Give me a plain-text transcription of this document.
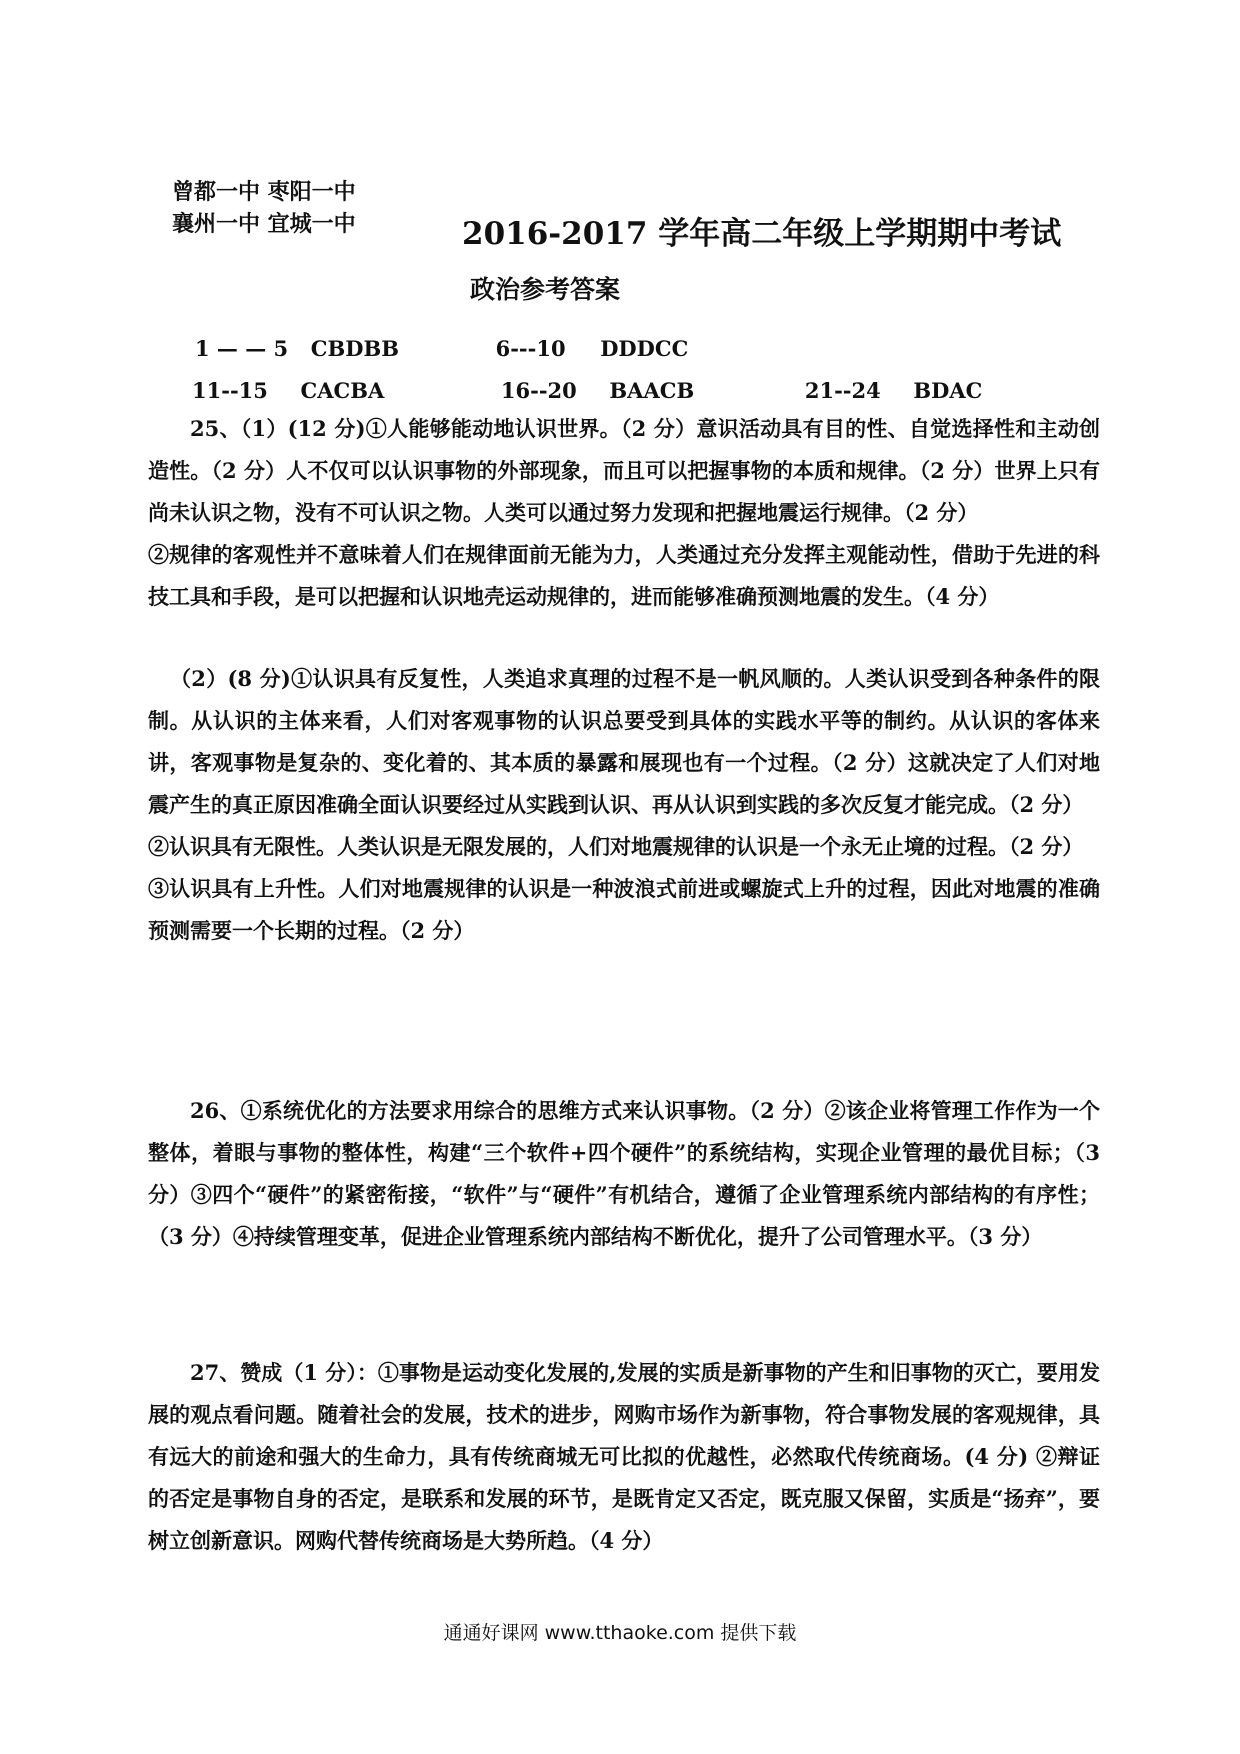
曾都一中 枣阳一中
襄州一中 宜城一中	2016-2017 学年高二年级上学期期中考试
政治参考答案
1 — — 5 CBDBB	6---10 DDDCC
11--15 CACBA	16--20 BAACB	21--24 BDAC

25、（1）(12 分)①人能够能动地认识世界。（2 分）意识活动具有目的性、自觉选择性和主动创造性。（2 分）人不仅可以认识事物的外部现象，而且可以把握事物的本质和规律。（2 分）世界上只有尚未认识之物，没有不可认识之物。人类可以通过努力发现和把握地震运行规律。（2 分）

②规律的客观性并不意味着人们在规律面前无能为力，人类通过充分发挥主观能动性，借助于先进的科技工具和手段，是可以把握和认识地壳运动规律的，进而能够准确预测地震的发生。（4 分）

（2）(8 分)①认识具有反复性，人类追求真理的过程不是一帆风顺的。人类认识受到各种条件的限制。从认识的主体来看，人们对客观事物的认识总要受到具体的实践水平等的制约。从认识的客体来讲，客观事物是复杂的、变化着的、其本质的暴露和展现也有一个过程。（2 分）这就决定了人们对地震产生的真正原因准确全面认识要经过从实践到认识、再从认识到实践的多次反复才能完成。（2 分）

②认识具有无限性。人类认识是无限发展的，人们对地震规律的认识是一个永无止境的过程。（2 分）

③认识具有上升性。人们对地震规律的认识是一种波浪式前进或螺旋式上升的过程，因此对地震的准确预测需要一个长期的过程。（2 分）

26、①系统优化的方法要求用综合的思维方式来认识事物。（2 分）②该企业将管理工作作为一个整体，着眼与事物的整体性，构建“三个软件+四个硬件”的系统结构，实现企业管理的最优目标；（3 分）③四个“硬件”的紧密衔接，“软件”与“硬件”有机结合，遵循了企业管理系统内部结构的有序性；（3 分）④持续管理变革，促进企业管理系统内部结构不断优化，提升了公司管理水平。（3 分）

27、赞成（1 分）：①事物是运动变化发展的,发展的实质是新事物的产生和旧事物的灭亡，要用发展的观点看问题。随着社会的发展，技术的进步，网购市场作为新事物，符合事物发展的客观规律，具有远大的前途和强大的生命力，具有传统商城无可比拟的优越性，必然取代传统商场。(4 分) ②辩证的否定是事物自身的否定，是联系和发展的环节，是既肯定又否定，既克服又保留，实质是“扬弃”，要树立创新意识。网购代替传统商场是大势所趋。（4 分）

通通好课网 www.tthaoke.com 提供下载
